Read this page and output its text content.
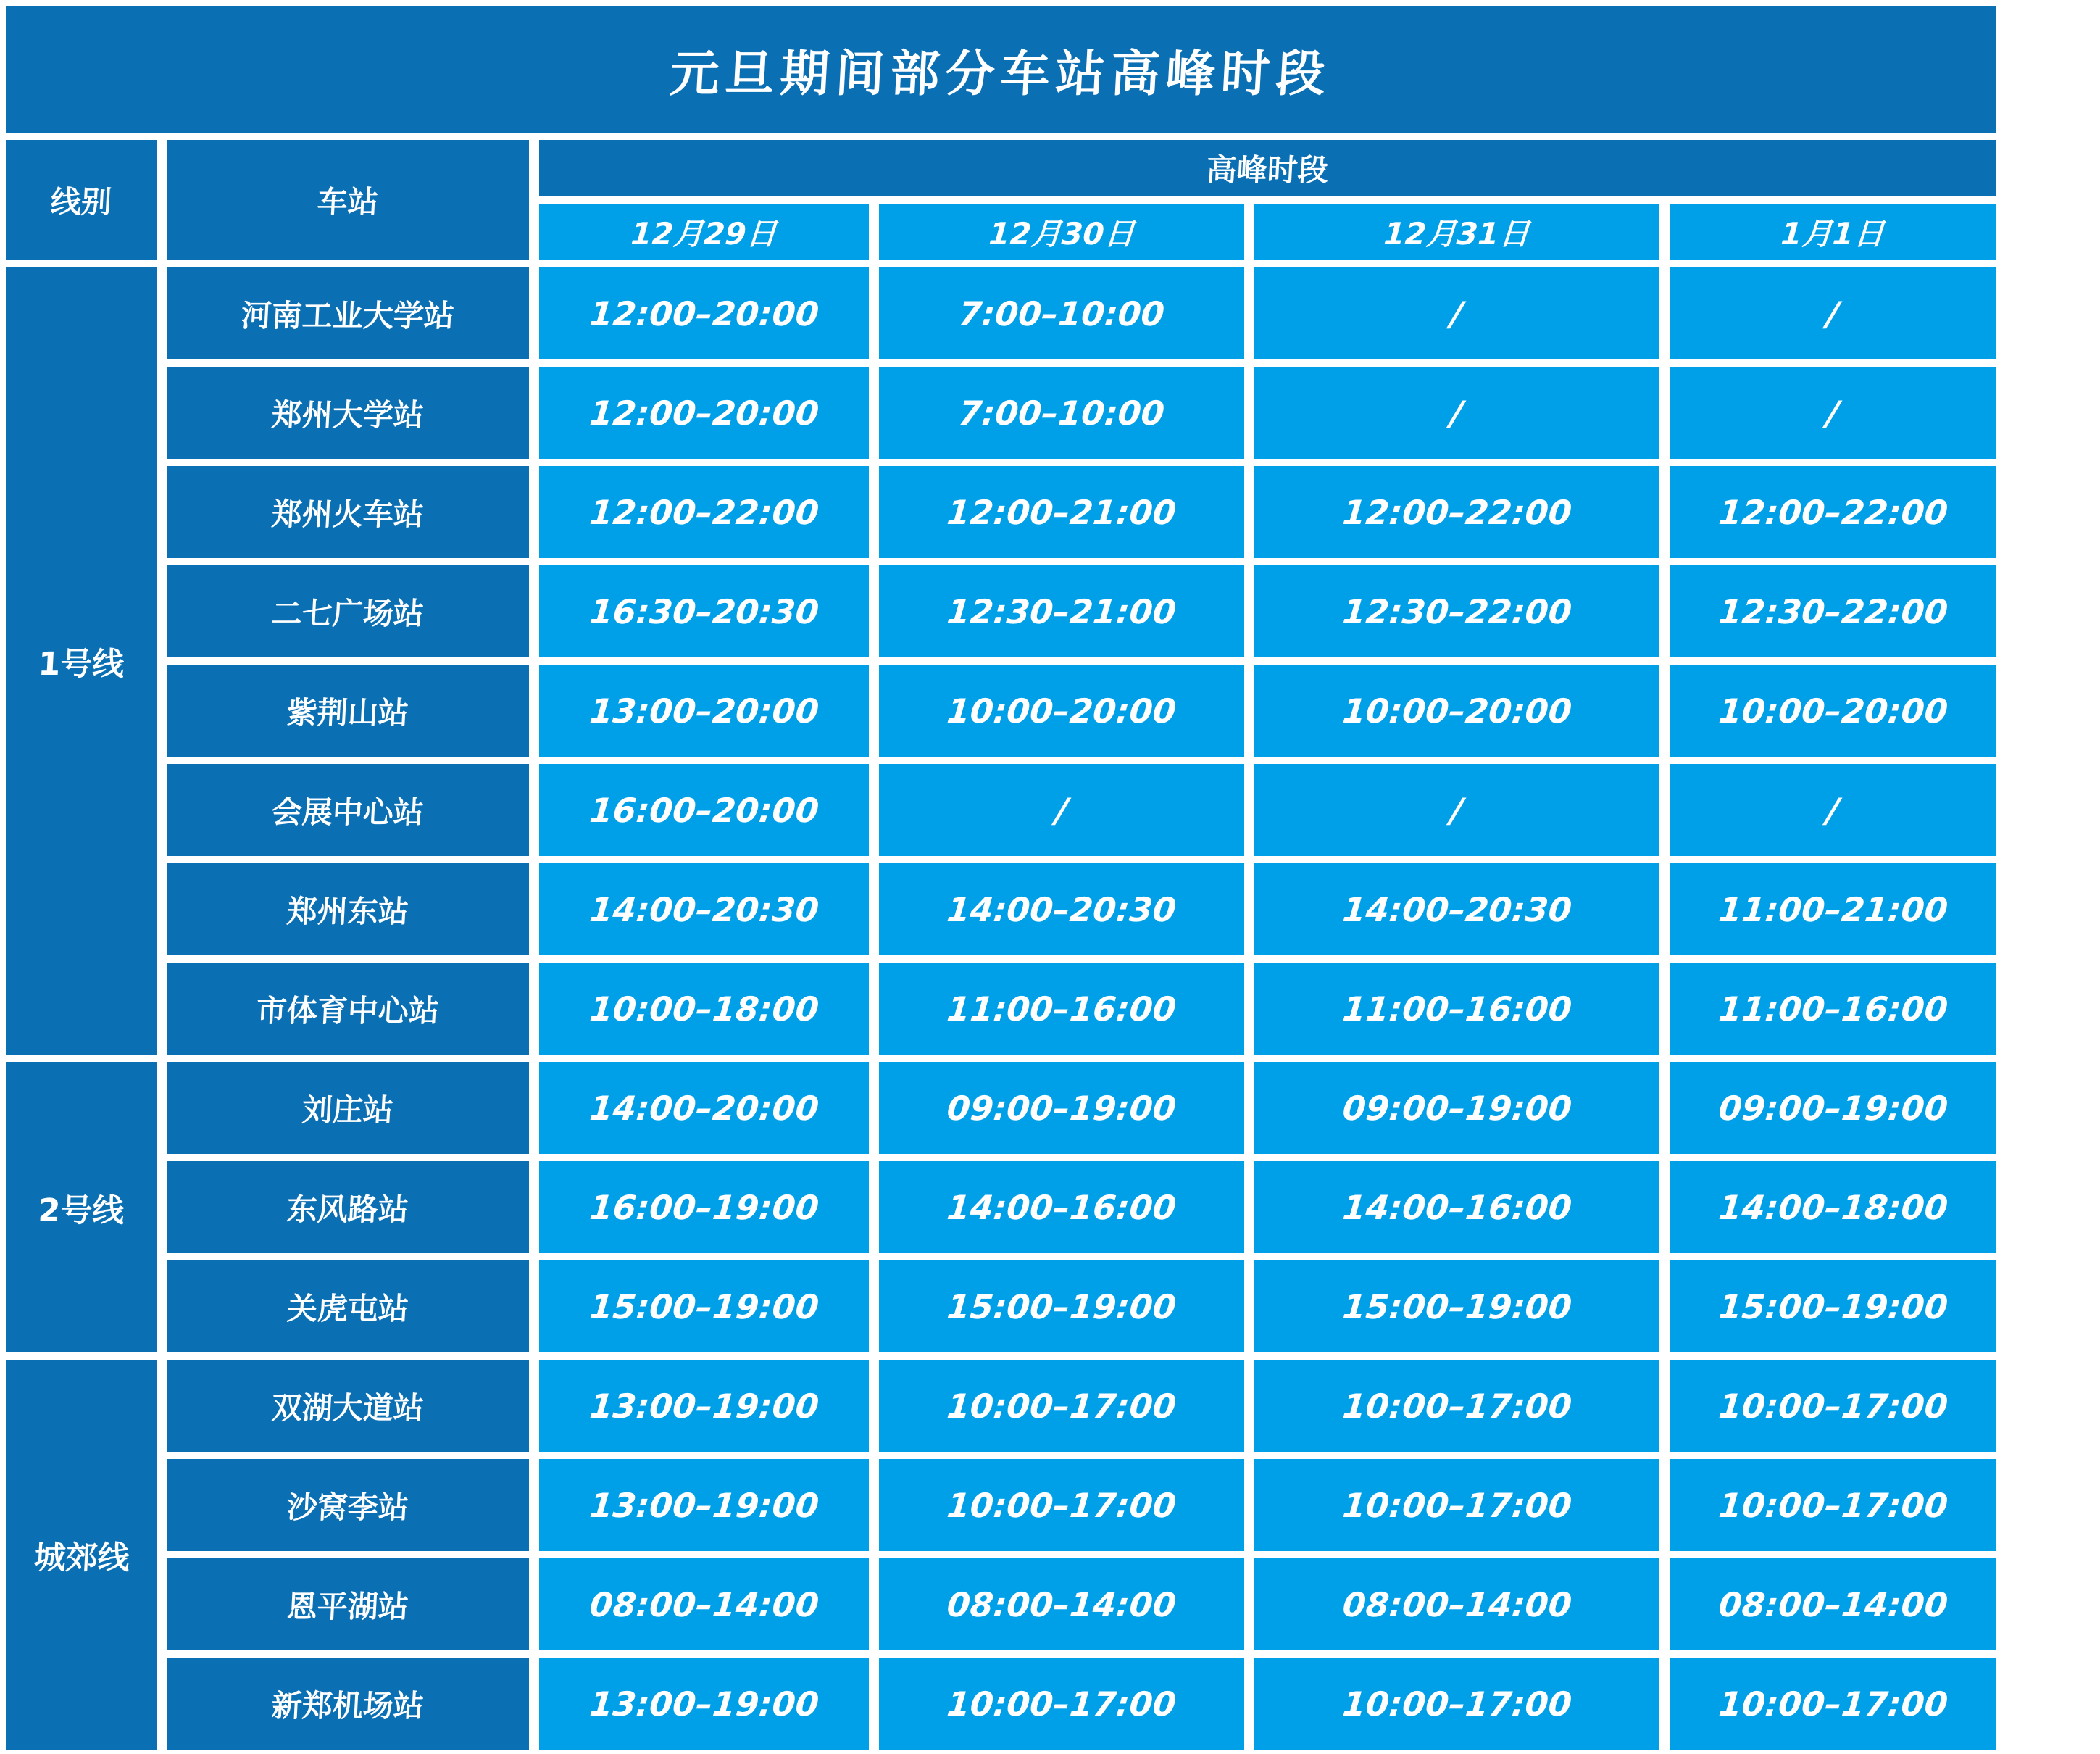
元旦期间部分车站高峰时段
线别	车站
高峰时段
12月29日	12月30日	12月31日	1月1日
1号线
河南工业大学站	12:00–20:00	7:00–10:00	/	/
郑州大学站	12:00–20:00	7:00–10:00	/	/
郑州火车站	12:00–22:00	12:00–21:00	12:00–22:00	12:00–22:00
二七广场站	16:30–20:30	12:30–21:00	12:30–22:00	12:30–22:00
紫荆山站	13:00–20:00	10:00–20:00	10:00–20:00	10:00–20:00
会展中心站	16:00–20:00	/	/	/
郑州东站	14:00–20:30	14:00–20:30	14:00–20:30	11:00–21:00
市体育中心站	10:00–18:00	11:00–16:00	11:00–16:00	11:00–16:00
2号线
刘庄站	14:00–20:00	09:00–19:00	09:00–19:00	09:00–19:00
东风路站	16:00–19:00	14:00–16:00	14:00–16:00	14:00–18:00
关虎屯站	15:00–19:00	15:00–19:00	15:00–19:00	15:00–19:00
城郊线
双湖大道站	13:00–19:00	10:00–17:00	10:00–17:00	10:00–17:00
沙窝李站	13:00–19:00	10:00–17:00	10:00–17:00	10:00–17:00
恩平湖站	08:00–14:00	08:00–14:00	08:00–14:00	08:00–14:00
新郑机场站	13:00–19:00	10:00–17:00	10:00–17:00	10:00–17:00
